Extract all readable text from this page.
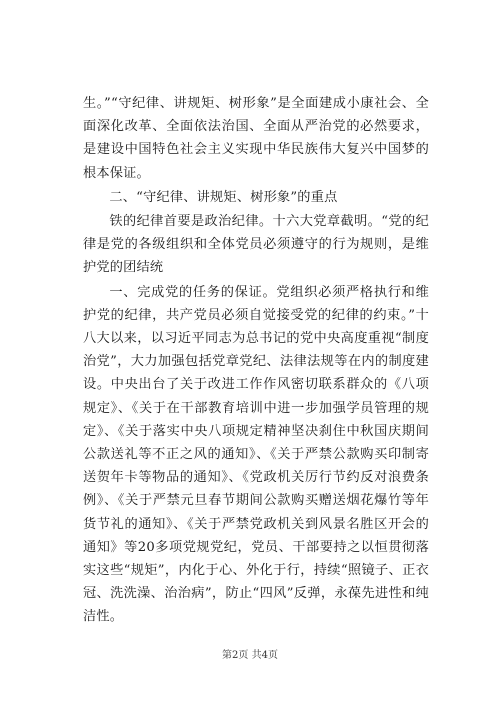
生。”“守纪律、讲规矩、树形象”是全面建成小康社会、全面深化改革、全面依法治国、全面从严治党的必然要求，是建设中国特色社会主义实现中华民族伟大复兴中国梦的根本保证。

二、“守纪律、讲规矩、树形象”的重点

铁的纪律首要是政治纪律。十六大党章截明。“党的纪律是党的各级组织和全体党员必须遵守的行为规则，是维护党的团结统

一、完成党的任务的保证。党组织必须严格执行和维护党的纪律，共产党员必须自觉接受党的纪律的约束。”十八大以来，以习近平同志为总书记的党中央高度重视“制度治党”，大力加强包括党章党纪、法律法规等在内的制度建设。中央出台了关于改进工作作风密切联系群众的《八项规定》、《关于在干部教育培训中进一步加强学员管理的规定》、《关于落实中央八项规定精神坚决刹住中秋国庆期间公款送礼等不正之风的通知》、《关于严禁公款购买印制寄送贺年卡等物品的通知》、《党政机关厉行节约反对浪费条例》、《关于严禁元旦春节期间公款购买赠送烟花爆竹等年货节礼的通知》、《关于严禁党政机关到风景名胜区开会的通知》等20多项党规党纪，党员、干部要持之以恒贯彻落实这些“规矩”，内化于心、外化于行，持续“照镜子、正衣冠、洗洗澡、治治病”，防止“四风”反弹，永葆先进性和纯洁性。

第2页 共4页
